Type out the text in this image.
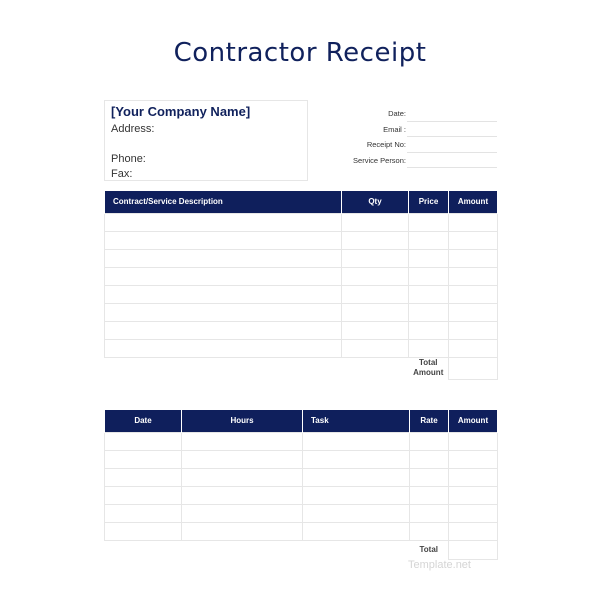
Contractor Receipt
[Your Company Name]
Address:
Phone:
Fax:
Date:
Email :
Receipt No:
Service Person:
Contract/Service Description	Qty	Price	Amount

		Total
Amount	
Date	Hours	Task	Rate	Amount

			Total	
Template.net
